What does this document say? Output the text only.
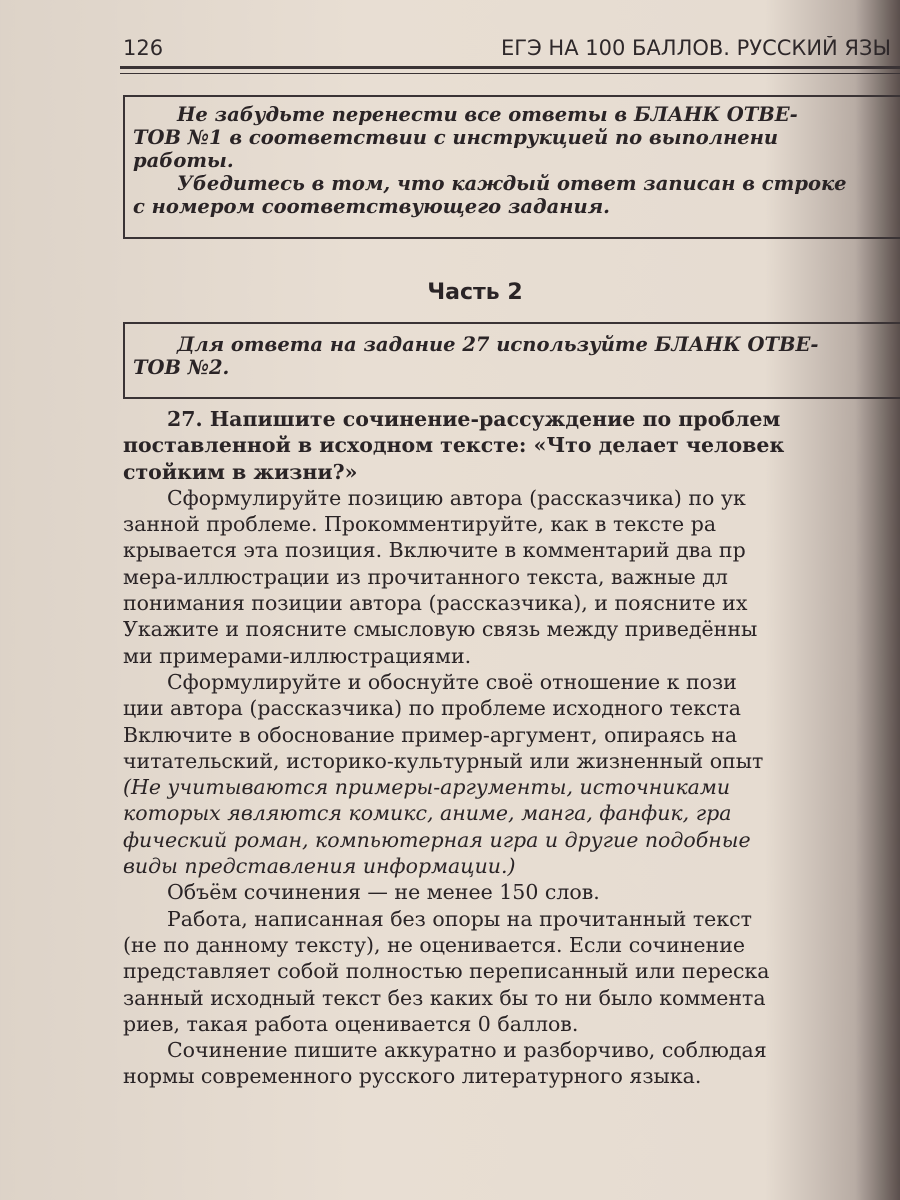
126	ЕГЭ НА 100 БАЛЛОВ. РУССКИЙ ЯЗЫ
Не забудьте перенести все ответы в БЛАНК ОТВЕ-
ТОВ №1 в соответствии с инструкцией по выполнени
работы.
Убедитесь в том, что каждый ответ записан в строке
с номером соответствующего задания.
Часть 2
Для ответа на задание 27 используйте БЛАНК ОТВЕ-
ТОВ №2.
27. Напишите сочинение-рассуждение по проблем
поставленной в исходном тексте: «Что делает человек
стойким в жизни?»
Сформулируйте позицию автора (рассказчика) по ук
занной проблеме. Прокомментируйте, как в тексте ра
крывается эта позиция. Включите в комментарий два пр
мера-иллюстрации из прочитанного текста, важные дл
понимания позиции автора (рассказчика), и поясните их
Укажите и поясните смысловую связь между приведённы
ми примерами-иллюстрациями.
Сформулируйте и обоснуйте своё отношение к пози
ции автора (рассказчика) по проблеме исходного текста
Включите в обоснование пример-аргумент, опираясь на
читательский, историко-культурный или жизненный опыт
(Не учитываются примеры-аргументы, источниками
которых являются комикс, аниме, манга, фанфик, гра
фический роман, компьютерная игра и другие подобные
виды представления информации.)
Объём сочинения — не менее 150 слов.
Работа, написанная без опоры на прочитанный текст
(не по данному тексту), не оценивается. Если сочинение
представляет собой полностью переписанный или переска
занный исходный текст без каких бы то ни было коммента
риев, такая работа оценивается 0 баллов.
Сочинение пишите аккуратно и разборчиво, соблюдая
нормы современного русского литературного языка.
